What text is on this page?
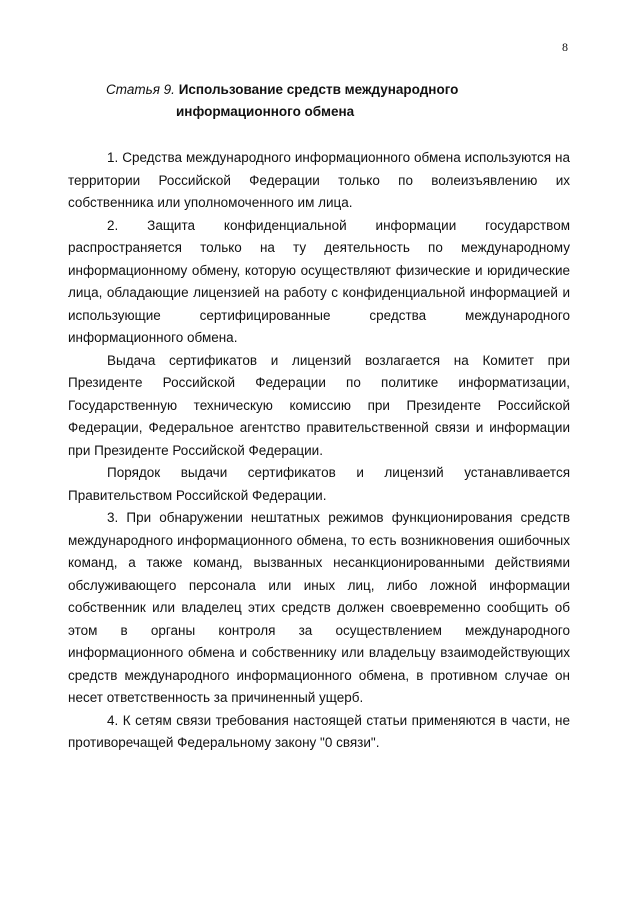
8
Статья 9. Использование средств международного
информационного обмена

1. Средства международного информационного обмена используются на территории Российской Федерации только по волеизъявлению их собственника или уполномоченного им лица.

2. Защита конфиденциальной информации государством распространяется только на ту деятельность по международному информационному обмену, которую осуществляют физические и юридические лица, обладающие лицензией на работу с конфиденциальной информацией и использующие сертифицированные средства международного информационного обмена.

Выдача сертификатов и лицензий возлагается на Комитет при Президенте Российской Федерации по политике информатизации, Государственную техническую комиссию при Президенте Российской Федерации, Федеральное агентство правительственной связи и информации при Президенте Российской Федерации.

Порядок выдачи сертификатов и лицензий устанавливается Правительством Российской Федерации.

3. При обнаружении нештатных режимов функционирования средств международного информационного обмена, то есть возникновения ошибочных команд, а также команд, вызванных несанкционированными действиями обслуживающего персонала или иных лиц, либо ложной информации собственник или владелец этих средств должен своевременно сообщить об этом в органы контроля за осуществлением международного информационного обмена и собственнику или владельцу взаимодействующих средств международного информационного обмена, в противном случае он несет ответственность за причиненный ущерб.

4. К сетям связи требования настоящей статьи применяются в части, не противоречащей Федеральному закону "0 связи".
